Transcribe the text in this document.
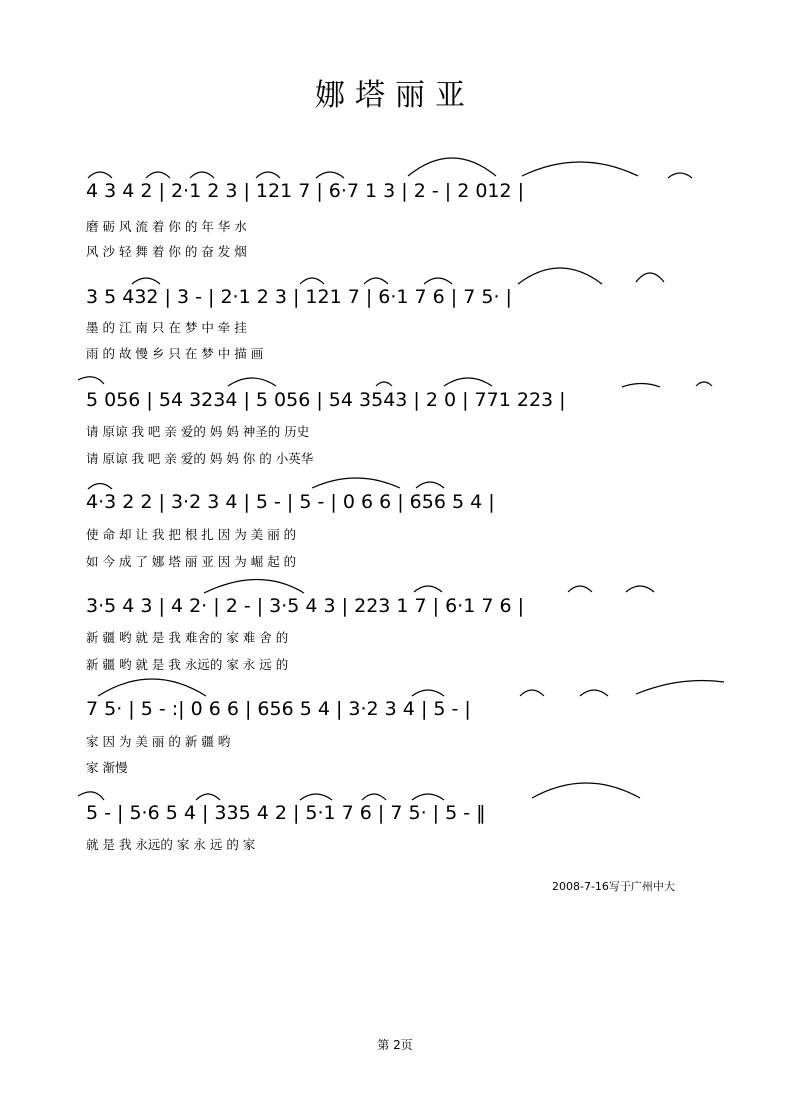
娜塔丽亚
4 3 4 2 | 2·1 2 3 | 121 7 | 6·7 1 3 | 2 - | 2 012 |
磨 砺 风 流 着 你 的 年 华 水
风 沙 轻 舞 着 你 的 奋 发 烟
3 5 432 | 3 - | 2·1 2 3 | 121 7 | 6·1 7 6 | 7 5· |
墨 的 江 南 只 在 梦 中 牵 挂
雨 的 故 慢 乡 只 在 梦 中 描 画
5 056 | 54 3234 | 5 056 | 54 3543 | 2 0 | 771 223 |
请 原谅 我 吧 亲 爱的 妈 妈 神圣的 历史
请 原谅 我 吧 亲 爱的 妈 妈 你 的 小英华
4·3 2 2 | 3·2 3 4 | 5 - | 5 - | 0 6 6 | 656 5 4 |
使 命 却 让 我 把 根 扎 因 为 美 丽 的
如 今 成 了 娜 塔 丽 亚 因 为 崛 起 的
3·5 4 3 | 4 2· | 2 - | 3·5 4 3 | 223 1 7 | 6·1 7 6 |
新 疆 哟 就 是 我 难舍的 家 难 舍 的
新 疆 哟 就 是 我 永远的 家 永 远 的
7 5· | 5 - :| 0 6 6 | 656 5 4 | 3·2 3 4 | 5 - |
家 因 为 美 丽 的 新 疆 哟
家 渐慢
5 - | 5·6 5 4 | 335 4 2 | 5·1 7 6 | 7 5· | 5 - ‖
就 是 我 永远的 家 永 远 的 家
2008-7-16写于广州中大
第 2页
